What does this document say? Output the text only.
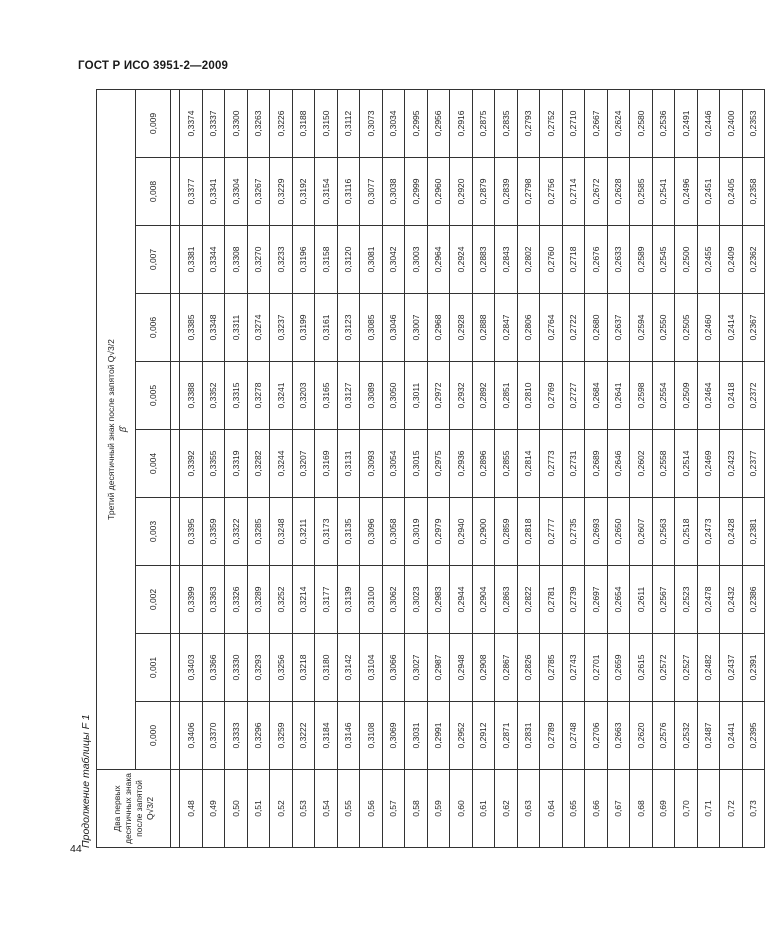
ГОСТ Р ИСО 3951-2—2009
Продолжение таблицы F 1 Два первых десятичных знака после запятой Q√3/2	Третий десятичный знак после запятой Q√3/2 β̂									

	0,000	0,001	0,002	0,003	0,004	0,005	0,006	0,007	0,008	0,009

0,48	0,3406	0,3403	0,3399	0,3395	0,3392	0,3388	0,3385	0,3381	0,3377	0,3374
0,49	0,3370	0,3366	0,3363	0,3359	0,3355	0,3352	0,3348	0,3344	0,3341	0,3337
0,50	0,3333	0,3330	0,3326	0,3322	0,3319	0,3315	0,3311	0,3308	0,3304	0,3300
0,51	0,3296	0,3293	0,3289	0,3285	0,3282	0,3278	0,3274	0,3270	0,3267	0,3263
0,52	0,3259	0,3256	0,3252	0,3248	0,3244	0,3241	0,3237	0,3233	0,3229	0,3226
0,53	0,3222	0,3218	0,3214	0,3211	0,3207	0,3203	0,3199	0,3196	0,3192	0,3188
0,54	0,3184	0,3180	0,3177	0,3173	0,3169	0,3165	0,3161	0,3158	0,3154	0,3150
0,55	0,3146	0,3142	0,3139	0,3135	0,3131	0,3127	0,3123	0,3120	0,3116	0,3112
0,56	0,3108	0,3104	0,3100	0,3096	0,3093	0,3089	0,3085	0,3081	0,3077	0,3073
0,57	0,3069	0,3066	0,3062	0,3058	0,3054	0,3050	0,3046	0,3042	0,3038	0,3034
0,58	0,3031	0,3027	0,3023	0,3019	0,3015	0,3011	0,3007	0,3003	0,2999	0,2995
0,59	0,2991	0,2987	0,2983	0,2979	0,2975	0,2972	0,2968	0,2964	0,2960	0,2956
0,60	0,2952	0,2948	0,2944	0,2940	0,2936	0,2932	0,2928	0,2924	0,2920	0,2916
0,61	0,2912	0,2908	0,2904	0,2900	0,2896	0,2892	0,2888	0,2883	0,2879	0,2875
0,62	0,2871	0,2867	0,2863	0,2859	0,2855	0,2851	0,2847	0,2843	0,2839	0,2835
0,63	0,2831	0,2826	0,2822	0,2818	0,2814	0,2810	0,2806	0,2802	0,2798	0,2793
0,64	0,2789	0,2785	0,2781	0,2777	0,2773	0,2769	0,2764	0,2760	0,2756	0,2752
0,65	0,2748	0,2743	0,2739	0,2735	0,2731	0,2727	0,2722	0,2718	0,2714	0,2710
0,66	0,2706	0,2701	0,2697	0,2693	0,2689	0,2684	0,2680	0,2676	0,2672	0,2667
0,67	0,2663	0,2659	0,2654	0,2650	0,2646	0,2641	0,2637	0,2633	0,2628	0,2624
0,68	0,2620	0,2615	0,2611	0,2607	0,2602	0,2598	0,2594	0,2589	0,2585	0,2580
0,69	0,2576	0,2572	0,2567	0,2563	0,2558	0,2554	0,2550	0,2545	0,2541	0,2536
0,70	0,2532	0,2527	0,2523	0,2518	0,2514	0,2509	0,2505	0,2500	0,2496	0,2491
0,71	0,2487	0,2482	0,2478	0,2473	0,2469	0,2464	0,2460	0,2455	0,2451	0,2446
0,72	0,2441	0,2437	0,2432	0,2428	0,2423	0,2418	0,2414	0,2409	0,2405	0,2400
0,73	0,2395	0,2391	0,2386	0,2381	0,2377	0,2372	0,2367	0,2362	0,2358	0,2353
44
